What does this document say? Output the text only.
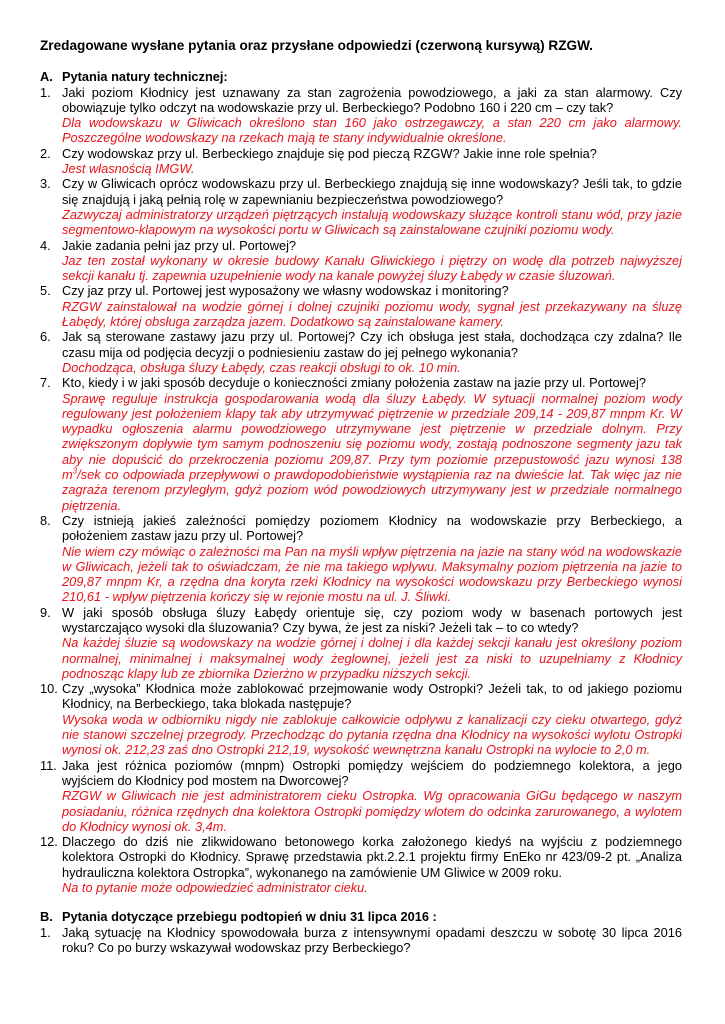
Zredagowane wysłane pytania oraz przysłane odpowiedzi (czerwoną kursywą) RZGW.

A. Pytania natury technicznej:
1. Jaki poziom Kłodnicy jest uznawany za stan zagrożenia powodziowego, a jaki za stan alarmowy. Czy obowiązuje tylko odczyt na wodowskazie przy ul. Berbeckiego? Podobno 160 i 220 cm – czy tak?

Dla wodowskazu w Gliwicach określono stan 160 jako ostrzegawczy, a stan 220 cm jako alarmowy. Poszczególne wodowskazy na rzekach mają te stany indywidualnie określone.

2. Czy wodowskaz przy ul. Berbeckiego znajduje się pod pieczą RZGW? Jakie inne role spełnia?

Jest własnością IMGW.

3. Czy w Gliwicach oprócz wodowskazu przy ul. Berbeckiego znajdują się inne wodowskazy? Jeśli tak, to gdzie się znajdują i jaką pełnią rolę w zapewnianiu bezpieczeństwa powodziowego?

Zazwyczaj administratorzy urządzeń piętrzących instalują wodowskazy służące kontroli stanu wód, przy jazie segmentowo-klapowym na wysokości portu w Gliwicach są zainstalowane czujniki poziomu wody.

4. Jakie zadania pełni jaz przy ul. Portowej?

Jaz ten został wykonany w okresie budowy Kanału Gliwickiego i piętrzy on wodę dla potrzeb najwyższej sekcji kanału tj. zapewnia uzupełnienie wody na kanale powyżej śluzy Łabędy w czasie śluzowań.

5. Czy jaz przy ul. Portowej jest wyposażony we własny wodowskaz i monitoring?

RZGW zainstalował na wodzie górnej i dolnej czujniki poziomu wody, sygnał jest przekazywany na śluzę Łabędy, której obsługa zarządza jazem. Dodatkowo są zainstalowane kamery.

6. Jak są sterowane zastawy jazu przy ul. Portowej? Czy ich obsługa jest stała, dochodząca czy zdalna? Ile czasu mija od podjęcia decyzji o podniesieniu zastaw do jej pełnego wykonania?

Dochodząca, obsługa śluzy Łabędy, czas reakcji obsługi to ok. 10 min.

7. Kto, kiedy i w jaki sposób decyduje o konieczności zmiany położenia zastaw na jazie przy ul. Portowej?

Sprawę reguluje instrukcja gospodarowania wodą dla śluzy Łabędy. W sytuacji normalnej poziom wody regulowany jest położeniem klapy tak aby utrzymywać piętrzenie w przedziale 209,14 - 209,87 mnpm Kr. W wypadku ogłoszenia alarmu powodziowego utrzymywane jest piętrzenie w przedziale dolnym. Przy zwiększonym dopływie tym samym podnoszeniu się poziomu wody, zostają podnoszone segmenty jazu tak aby nie dopuścić do przekroczenia poziomu 209,87. Przy tym poziomie przepustowość jazu wynosi 138 $m^3$/sek co odpowiada przepływowi o prawdopodobieństwie wystąpienia raz na dwieście lat. Tak więc jaz nie zagraża terenom przyległym, gdyż poziom wód powodziowych utrzymywany jest w przedziale normalnego piętrzenia.

8. Czy istnieją jakieś zależności pomiędzy poziomem Kłodnicy na wodowskazie przy Berbeckiego, a położeniem zastaw jazu przy ul. Portowej?

Nie wiem czy mówiąc o zależności ma Pan na myśli wpływ piętrzenia na jazie na stany wód na wodowskazie w Gliwicach, jeżeli tak to oświadczam, że nie ma takiego wpływu. Maksymalny poziom piętrzenia na jazie to 209,87 mnpm Kr, a rzędna dna koryta rzeki Kłodnicy na wysokości wodowskazu przy Berbeckiego wynosi 210,61 - wpływ piętrzenia kończy się w rejonie mostu na ul. J. Śliwki.

9. W jaki sposób obsługa śluzy Łabędy orientuje się, czy poziom wody w basenach portowych jest wystarczająco wysoki dla śluzowania? Czy bywa, że jest za niski? Jeżeli tak – to co wtedy?

Na każdej śluzie są wodowskazy na wodzie górnej i dolnej i dla każdej sekcji kanału jest określony poziom normalnej, minimalnej i maksymalnej wody żeglownej, jeżeli jest za niski to uzupełniamy z Kłodnicy podnosząc klapy lub ze zbiornika Dzierżno w przypadku niższych sekcji.

10. Czy „wysoka” Kłodnica może zablokować przejmowanie wody Ostropki? Jeżeli tak, to od jakiego poziomu Kłodnicy, na Berbeckiego, taka blokada następuje?

Wysoka woda w odbiorniku nigdy nie zablokuje całkowicie odpływu z kanalizacji czy cieku otwartego, gdyż nie stanowi szczelnej przegrody. Przechodząc do pytania rzędna dna Kłodnicy na wysokości wylotu Ostropki wynosi ok. 212,23 zaś dno Ostropki 212,19, wysokość wewnętrzna kanału Ostropki na wylocie to 2,0 m.

11. Jaka jest różnica poziomów (mnpm) Ostropki pomiędzy wejściem do podziemnego kolektora, a jego wyjściem do Kłodnicy pod mostem na Dworcowej?

RZGW w Gliwicach nie jest administratorem cieku Ostropka. Wg opracowania GiGu będącego w naszym posiadaniu, różnica rzędnych dna kolektora Ostropki pomiędzy wlotem do odcinka zarurowanego, a wylotem do Kłodnicy wynosi ok. 3,4m.

12. Dlaczego do dziś nie zlikwidowano betonowego korka założonego kiedyś na wyjściu z podziemnego kolektora Ostropki do Kłodnicy. Sprawę przedstawia pkt.2.2.1 projektu firmy EnEko nr 423/09-2 pt. „Analiza hydrauliczna kolektora Ostropka”, wykonanego na zamówienie UM Gliwice w 2009 roku.

Na to pytanie może odpowiedzieć administrator cieku.

B. Pytania dotyczące przebiegu podtopień w dniu 31 lipca 2016 :
1. Jaką sytuację na Kłodnicy spowodowała burza z intensywnymi opadami deszczu w sobotę 30 lipca 2016 roku? Co po burzy wskazywał wodowskaz przy Berbeckiego?
